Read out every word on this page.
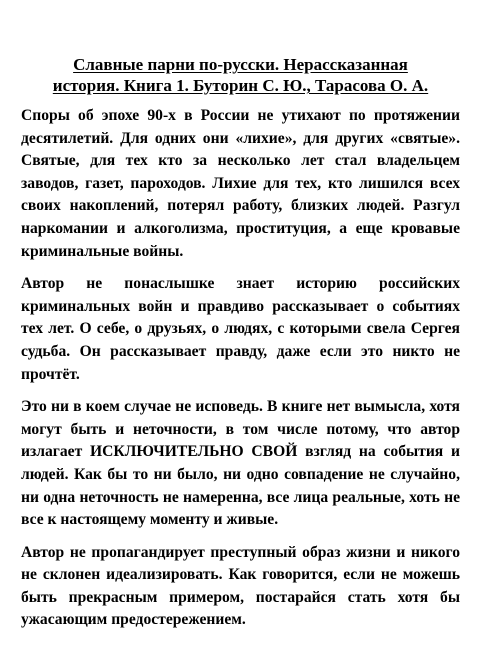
Славные парни по-русски. Нерассказанная
история. Книга 1. Буторин С. Ю., Тарасова О. А.

Споры об эпохе 90-х в России не утихают по протяжении десятилетий. Для одних они «лихие», для других «святые». Святые, для тех кто за несколько лет стал владельцем заводов, газет, пароходов. Лихие для тех, кто лишился всех своих накоплений, потерял работу, близких людей. Разгул наркомании и алкоголизма, проституция, а еще кровавые криминальные войны.

Автор не понаслышке знает историю российских криминальных войн и правдиво рассказывает о событиях тех лет. О себе, о друзьях, о людях, с которыми свела Сергея судьба. Он рассказывает правду, даже если это никто не прочтёт.

Это ни в коем случае не исповедь. В книге нет вымысла, хотя могут быть и неточности, в том числе потому, что автор излагает ИСКЛЮЧИТЕЛЬНО СВОЙ взгляд на события и людей. Как бы то ни было, ни одно совпадение не случайно, ни одна неточность не намеренна, все лица реальные, хоть не все к настоящему моменту и живые.

Автор не пропагандирует преступный образ жизни и никого не склонен идеализировать. Как говорится, если не можешь быть прекрасным примером, постарайся стать хотя бы ужасающим предостережением.
